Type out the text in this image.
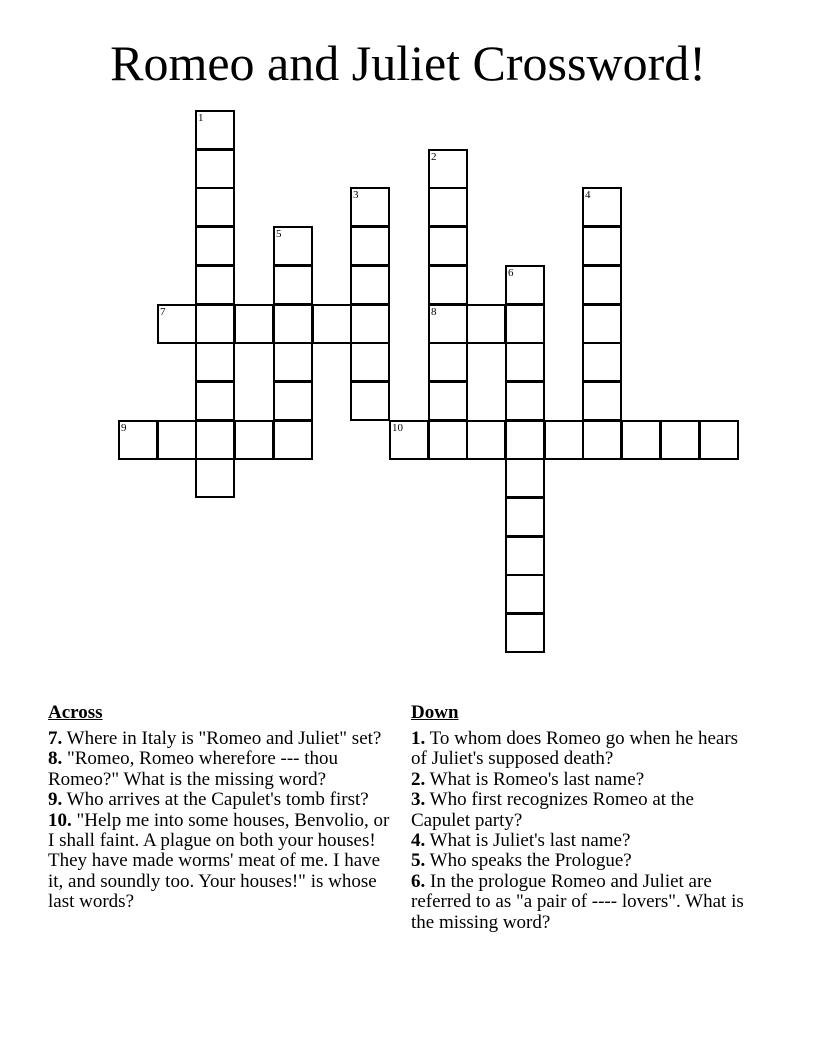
Romeo and Juliet Crossword!
1
2
8
3	4
5
6
7
9	10
Across

7. Where in Italy is "Romeo and Juliet" set?

8. "Romeo, Romeo wherefore --- thou Romeo?" What is the missing word?

9. Who arrives at the Capulet's tomb first?

10. "Help me into some houses, Benvolio, or I shall faint. A plague on both your houses! They have made worms' meat of me. I have it, and soundly too. Your houses!" is whose last words?

Down

1. To whom does Romeo go when he hears of Juliet's supposed death?

2. What is Romeo's last name?

3. Who first recognizes Romeo at the Capulet party?

4. What is Juliet's last name?

5. Who speaks the Prologue?

6. In the prologue Romeo and Juliet are referred to as "a pair of ---- lovers". What is the missing word?
